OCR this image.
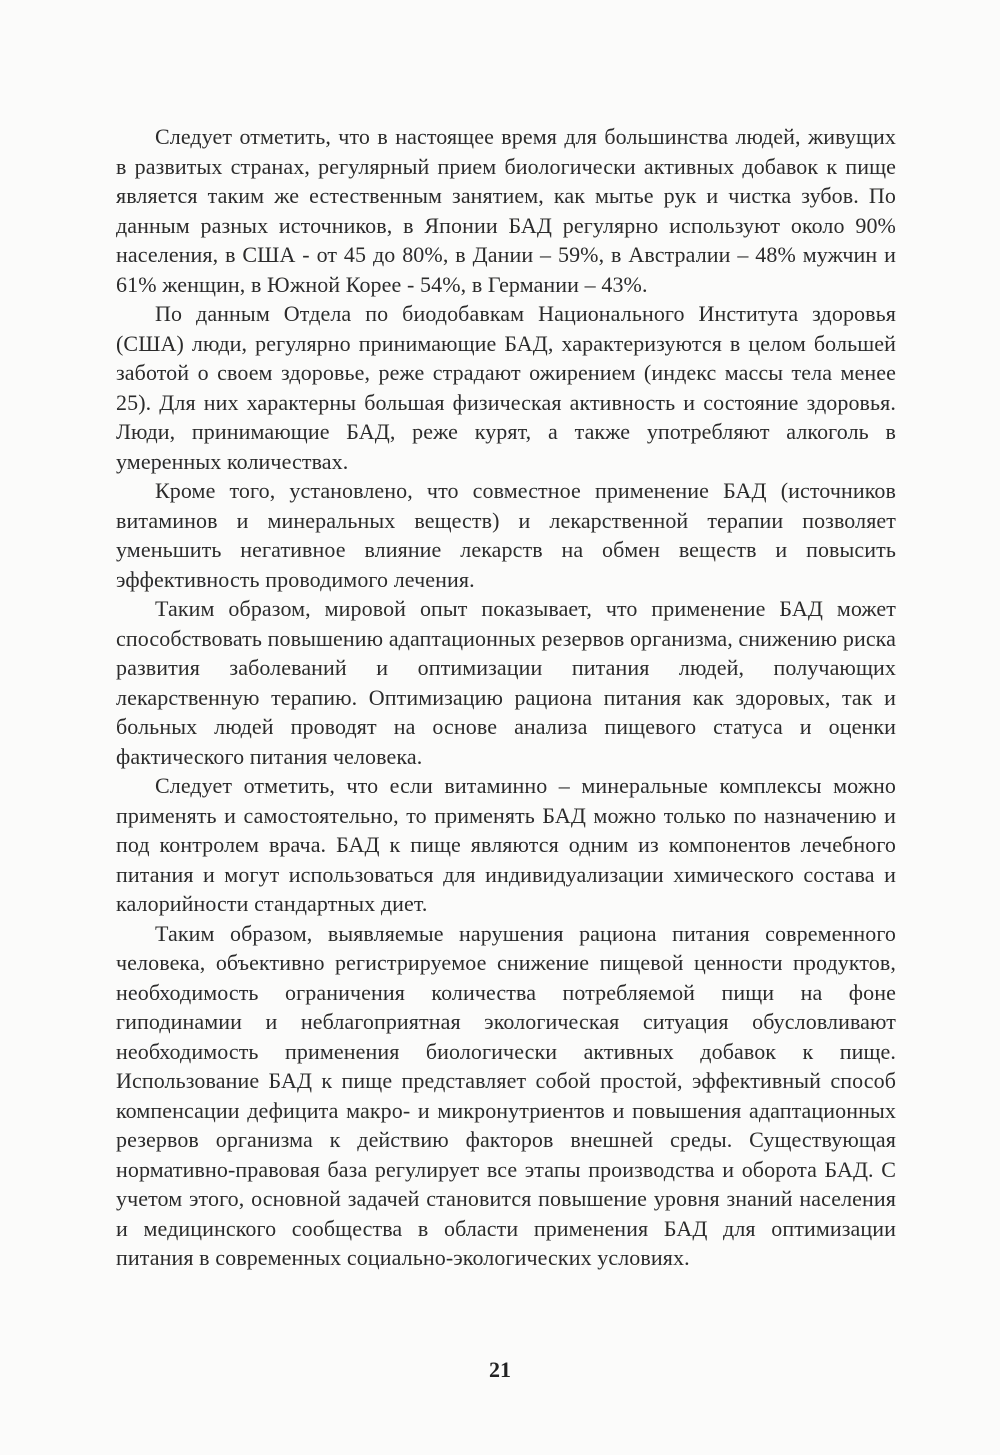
Следует отметить, что в настоящее время для большинства людей, живущих в развитых странах, регулярный прием биологически активных добавок к пище является таким же естественным занятием, как мытье рук и чистка зубов. По данным разных источников, в Японии БАД регулярно используют около 90% населения, в США - от 45 до 80%, в Дании – 59%, в Австралии – 48% мужчин и 61% женщин, в Южной Корее - 54%, в Германии – 43%.

По данным Отдела по биодобавкам Национального Института здоровья (США) люди, регулярно принимающие БАД, характеризуются в целом большей заботой о своем здоровье, реже страдают ожирением (индекс массы тела менее 25). Для них характерны большая физическая активность и состояние здоровья. Люди, принимающие БАД, реже курят, а также употребляют алкоголь в умеренных количествах.

Кроме того, установлено, что совместное применение БАД (источников витаминов и минеральных веществ) и лекарственной терапии позволяет уменьшить негативное влияние лекарств на обмен веществ и повысить эффективность проводимого лечения.

Таким образом, мировой опыт показывает, что применение БАД может способствовать повышению адаптационных резервов организма, снижению риска развития заболеваний и оптимизации питания людей, получающих лекарственную терапию. Оптимизацию рациона питания как здоровых, так и больных людей проводят на основе анализа пищевого статуса и оценки фактического питания человека.

Следует отметить, что если витаминно – минеральные комплексы можно применять и самостоятельно, то применять БАД можно только по назначению и под контролем врача. БАД к пище являются одним из компонентов лечебного питания и могут использоваться для индивидуализации химического состава и калорийности стандартных диет.

Таким образом, выявляемые нарушения рациона питания современного человека, объективно регистрируемое снижение пищевой ценности продуктов, необходимость ограничения количества потребляемой пищи на фоне гиподинамии и неблагоприятная экологическая ситуация обусловливают необходимость применения биологически активных добавок к пище. Использование БАД к пище представляет собой простой, эффективный способ компенсации дефицита макро- и микронутриентов и повышения адаптационных резервов организма к действию факторов внешней среды. Существующая нормативно-правовая база регулирует все этапы производства и оборота БАД. С учетом этого, основной задачей становится повышение уровня знаний населения и медицинского сообщества в области применения БАД для оптимизации питания в современных социально-экологических условиях.

21
